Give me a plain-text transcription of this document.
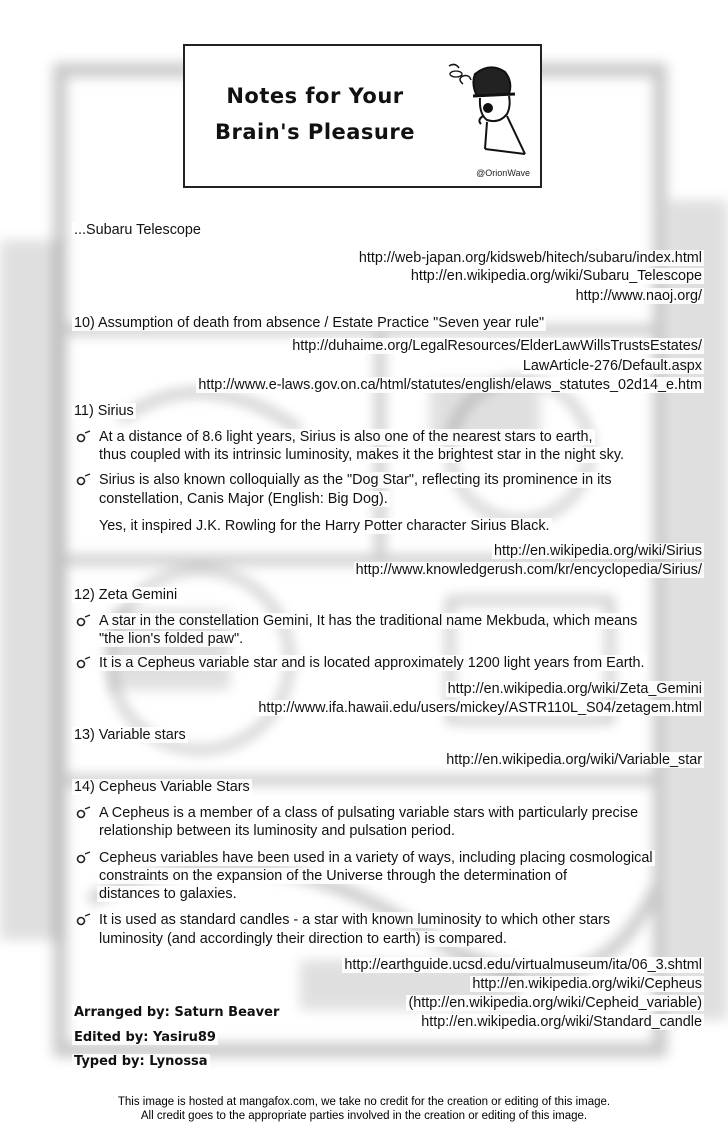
Notes for Your
Brain's Pleasure
@OrionWave
...Subaru Telescope
http://web-japan.org/kidsweb/hitech/subaru/index.html
http://en.wikipedia.org/wiki/Subaru_Telescope
http://www.naoj.org/
10) Assumption of death from absence / Estate Practice "Seven year rule"
http://duhaime.org/LegalResources/ElderLawWillsTrustsEstates/
LawArticle-276/Default.aspx
http://www.e-laws.gov.on.ca/html/statutes/english/elaws_statutes_02d14_e.htm
11) Sirius
At a distance of 8.6 light years, Sirius is also one of the nearest stars to earth,
thus coupled with its intrinsic luminosity, makes it the brightest star in the night sky.
Sirius is also known colloquially as the "Dog Star", reflecting its prominence in its
constellation, Canis Major (English: Big Dog).
Yes, it inspired J.K. Rowling for the Harry Potter character Sirius Black.
http://en.wikipedia.org/wiki/Sirius
http://www.knowledgerush.com/kr/encyclopedia/Sirius/
12) Zeta Gemini
A star in the constellation Gemini, It has the traditional name Mekbuda, which means
"the lion's folded paw".
It is a Cepheus variable star and is located approximately 1200 light years from Earth.
http://en.wikipedia.org/wiki/Zeta_Gemini
http://www.ifa.hawaii.edu/users/mickey/ASTR110L_S04/zetagem.html
13) Variable stars
http://en.wikipedia.org/wiki/Variable_star
14) Cepheus Variable Stars
A Cepheus is a member of a class of pulsating variable stars with particularly precise
relationship between its luminosity and pulsation period.
Cepheus variables have been used in a variety of ways, including placing cosmological
constraints on the expansion of the Universe through the determination of
distances to galaxies.
It is used as standard candles - a star with known luminosity to which other stars
luminosity (and accordingly their direction to earth) is compared.
http://earthguide.ucsd.edu/virtualmuseum/ita/06_3.shtml
http://en.wikipedia.org/wiki/Cepheus
(http://en.wikipedia.org/wiki/Cepheid_variable)
http://en.wikipedia.org/wiki/Standard_candle
Arranged by: Saturn Beaver
Edited by: Yasiru89
Typed by: Lynossa
This image is hosted at mangafox.com, we take no credit for the creation or editing of this image.
All credit goes to the appropriate parties involved in the creation or editing of this image.
